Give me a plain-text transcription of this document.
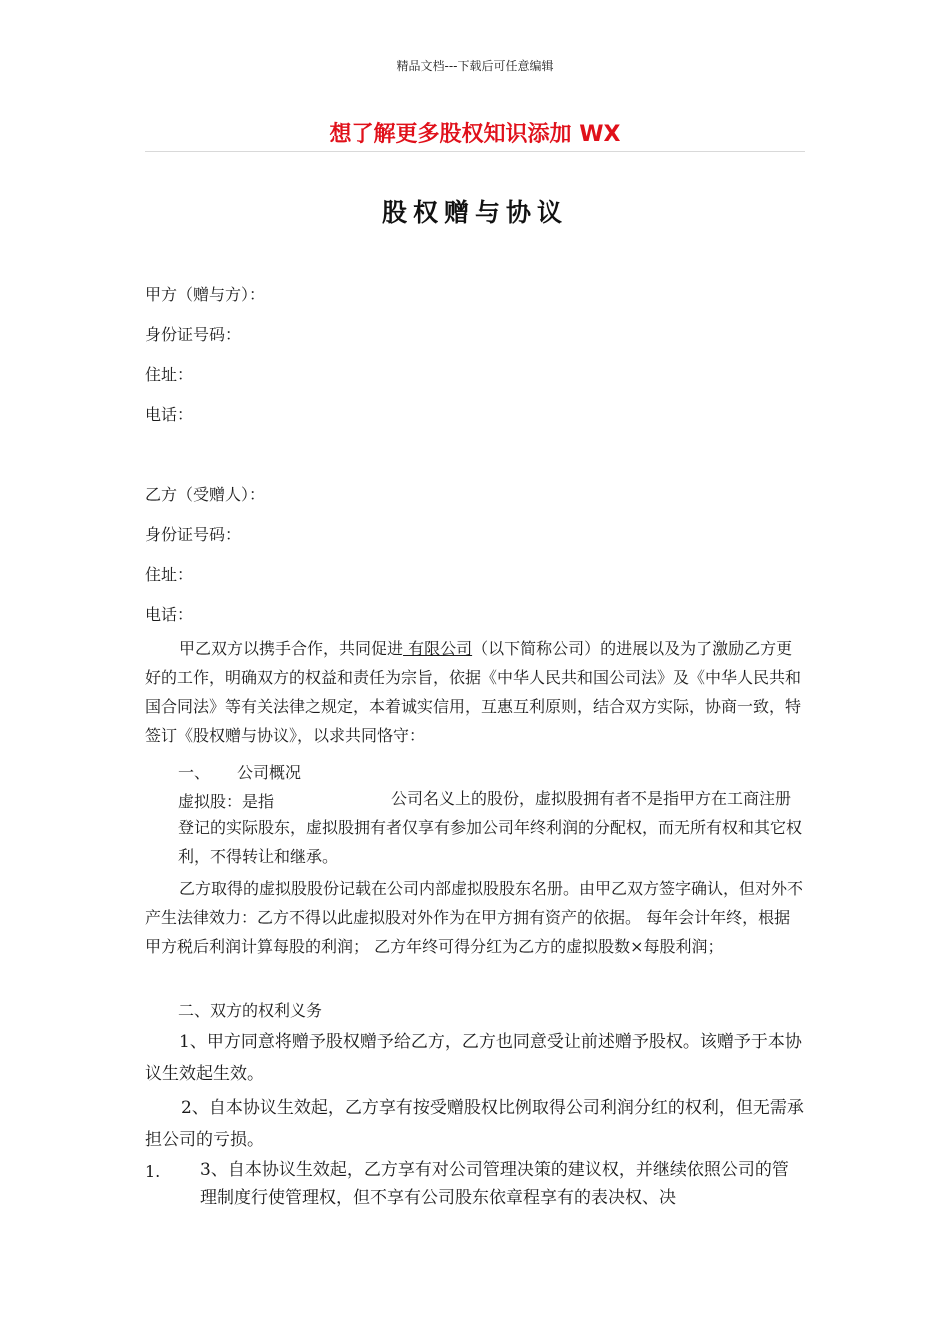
精品文档---下载后可任意编辑
想了解更多股权知识添加 WX
股权赠与协议
甲方（赠与方）：
身份证号码：
住址：
电话：
乙方（受赠人）：
身份证号码：
住址：
电话：
甲乙双方以携手合作，共同促进 有限公司（以下简称公司）的进展以及为了激励乙方更好的工作，明确双方的权益和责任为宗旨，依据《中华人民共和国公司法》及《中华人民共和国合同法》等有关法律之规定，本着诚实信用，互惠互利原则，结合双方实际，协商一致，特签订《股权赠与协议》，以求共同恪守：
一、 公司概况
虚拟股：是指	公司名义上的股份，虚拟股拥有者不是指甲方在工商注册登记的实际股东，虚拟股拥有者仅享有参加公司年终利润的分配权，而无所有权和其它权利，不得转让和继承。
乙方取得的虚拟股股份记载在公司内部虚拟股股东名册。由甲乙双方签字确认，但对外不产生法律效力：乙方不得以此虚拟股对外作为在甲方拥有资产的依据。 每年会计年终，根据甲方税后利润计算每股的利润； 乙方年终可得分红为乙方的虚拟股数×每股利润；
二、双方的权利义务
1、甲方同意将赠予股权赠予给乙方，乙方也同意受让前述赠予股权。该赠予于本协议生效起生效。
2、自本协议生效起，乙方享有按受赠股权比例取得公司利润分红的权利，但无需承担公司的亏损。
1. 3、自本协议生效起，乙方享有对公司管理决策的建议权，并继续依照公司的管理制度行使管理权，但不享有公司股东依章程享有的表决权、决
